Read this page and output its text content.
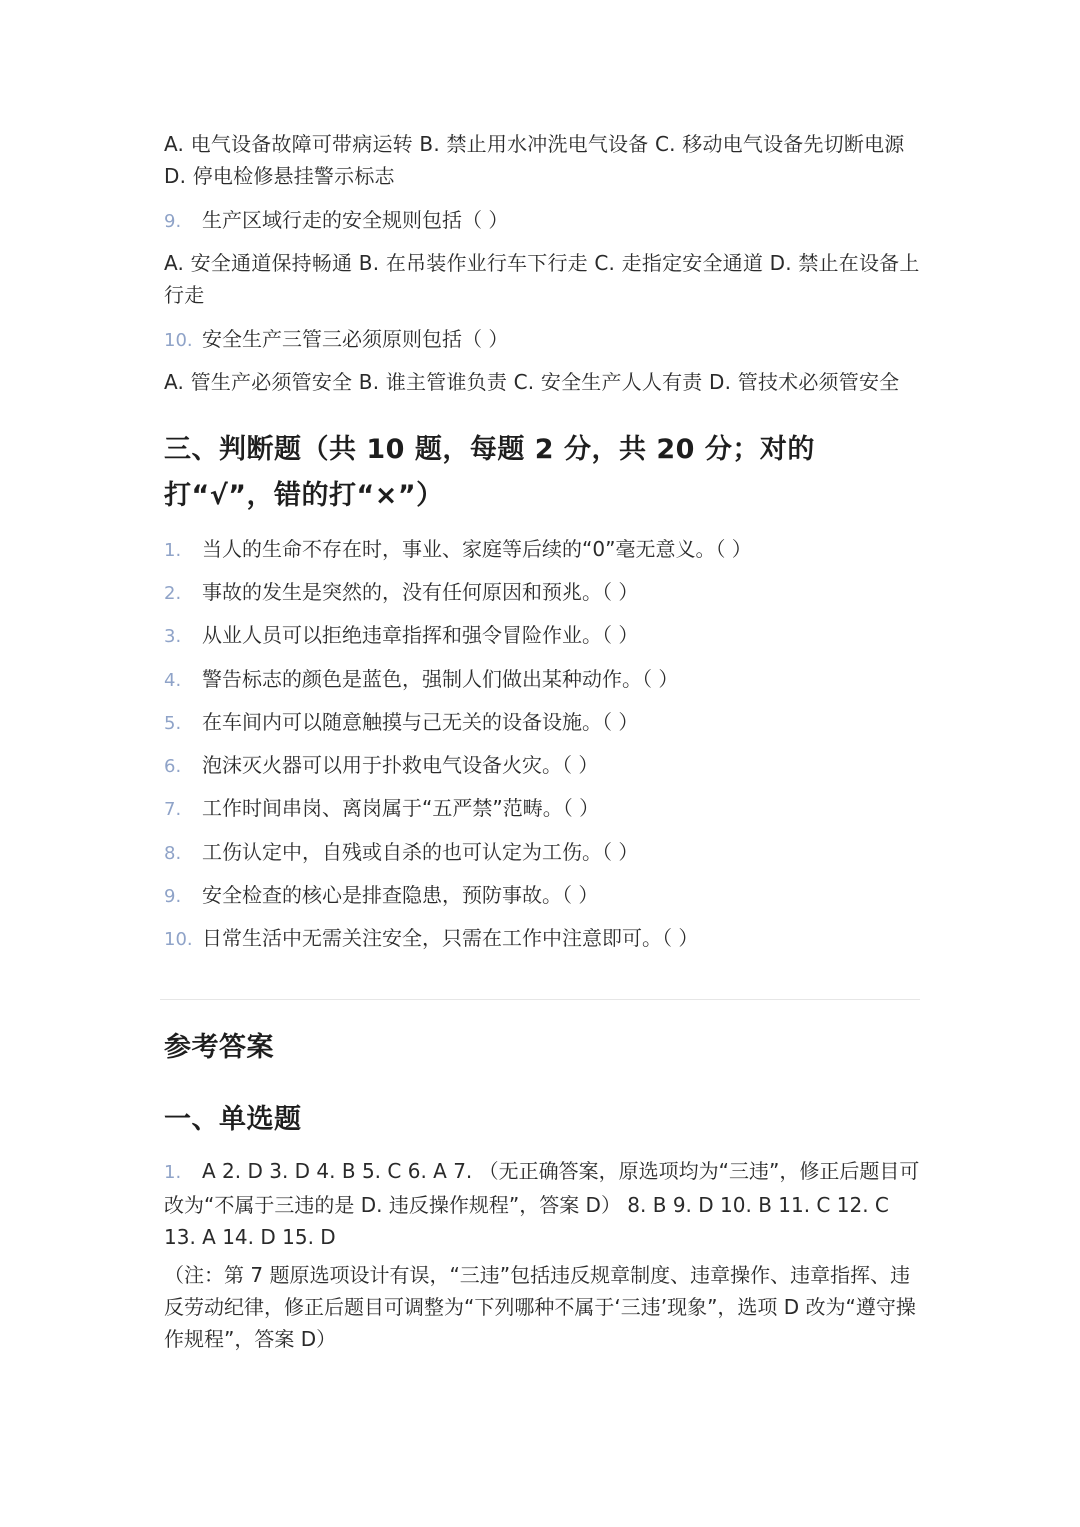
A. 电气设备故障可带病运转 B. 禁止用水冲洗电气设备 C. 移动电气设备先切断电源 D. 停电检修悬挂警示标志
9. 生产区域行走的安全规则包括（ ）
A. 安全通道保持畅通 B. 在吊装作业行车下行走 C. 走指定安全通道 D. 禁止在设备上行走
10. 安全生产三管三必须原则包括（ ）
A. 管生产必须管安全 B. 谁主管谁负责 C. 安全生产人人有责 D. 管技术必须管安全
三、判断题（共 10 题，每题 2 分，共 20 分；对的打“√”，错的打“×”）
1. 当人的生命不存在时，事业、家庭等后续的“0”毫无意义。（ ）
2. 事故的发生是突然的，没有任何原因和预兆。（ ）
3. 从业人员可以拒绝违章指挥和强令冒险作业。（ ）
4. 警告标志的颜色是蓝色，强制人们做出某种动作。（ ）
5. 在车间内可以随意触摸与己无关的设备设施。（ ）
6. 泡沫灭火器可以用于扑救电气设备火灾。（ ）
7. 工作时间串岗、离岗属于“五严禁”范畴。（ ）
8. 工伤认定中，自残或自杀的也可认定为工伤。（ ）
9. 安全检查的核心是排查隐患，预防事故。（ ）
10. 日常生活中无需关注安全，只需在工作中注意即可。（ ）
参考答案
一、单选题
1. A 2. D 3. D 4. B 5. C 6. A 7. （无正确答案，原选项均为“三违”，修正后题目可改为“不属于三违的是 D. 违反操作规程”，答案 D） 8. B 9. D 10. B 11. C 12. C 13. A 14. D 15. D
（注：第 7 题原选项设计有误，“三违”包括违反规章制度、违章操作、违章指挥、违反劳动纪律，修正后题目可调整为“下列哪种不属于‘三违’现象”，选项 D 改为“遵守操作规程”，答案 D）
